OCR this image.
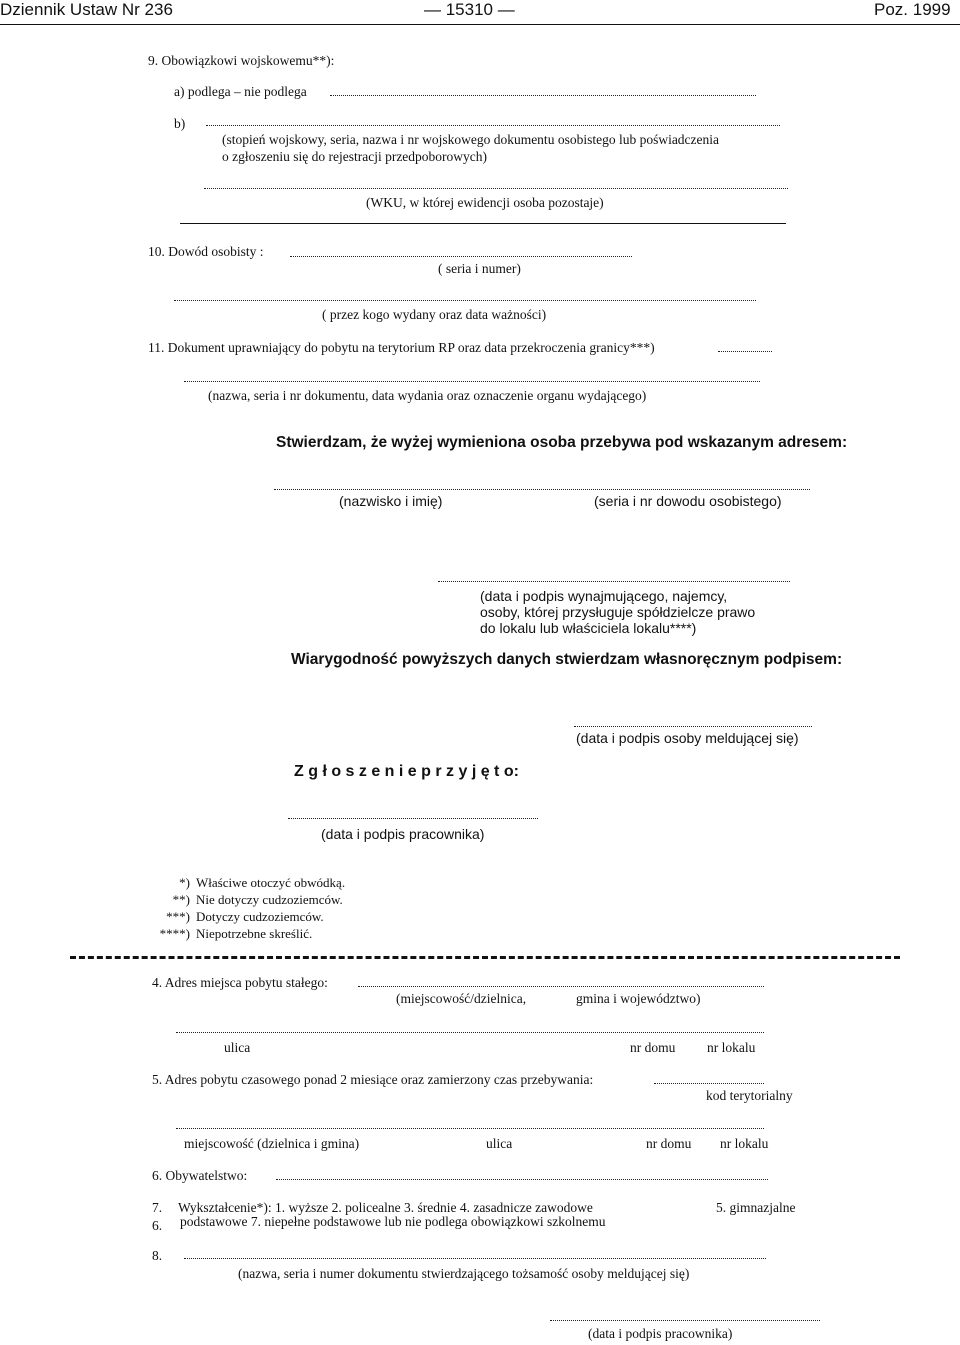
Dziennik Ustaw Nr 236	— 15310 —	Poz. 1999
9. Obowiązkowi wojskowemu**):
a) podlega – nie podlega
b)
(stopień wojskowy, seria, nazwa i nr wojskowego dokumentu osobistego lub poświadczenia
o zgłoszeniu się do rejestracji przedpoborowych)
(WKU, w której ewidencji osoba pozostaje)
10. Dowód osobisty :
( seria i numer)
( przez kogo wydany oraz data ważności)
11. Dokument uprawniający do pobytu na terytorium RP oraz data przekroczenia granicy***)
(nazwa, seria i nr dokumentu, data wydania oraz oznaczenie organu wydającego)
Stwierdzam, że wyżej wymieniona osoba przebywa pod wskazanym adresem:
(nazwisko i imię)	(seria i nr dowodu osobistego)
(data i podpis wynajmującego, najemcy,
osoby, której przysługuje spółdzielcze prawo
do lokalu lub właściciela lokalu****)
Wiarygodność powyższych danych stwierdzam własnoręcznym podpisem:
(data i podpis osoby meldującej się)
Z g ł o s z e n i e p r z y j ę t o:
(data i podpis pracownika)
*) Właściwe otoczyć obwódką.
**) Nie dotyczy cudzoziemców.
***) Dotyczy cudzoziemców.
****) Niepotrzebne skreślić.
4. Adres miejsca pobytu stałego:
(miejscowość/dzielnica,	gmina i województwo)
ulica	nr domu nr lokalu
5. Adres pobytu czasowego ponad 2 miesiące oraz zamierzony czas przebywania:
kod terytorialny
miejscowość (dzielnica i gmina)	ulica	nr domu nr lokalu
6. Obywatelstwo:
7. Wykształcenie*): 1. wyższe 2. policealne 3. średnie 4. zasadnicze zawodowe	5. gimnazjalne
6. podstawowe 7. niepełne podstawowe lub nie podlega obowiązkowi szkolnemu
8.
(nazwa, seria i numer dokumentu stwierdzającego tożsamość osoby meldującej się)
(data i podpis pracownika)
